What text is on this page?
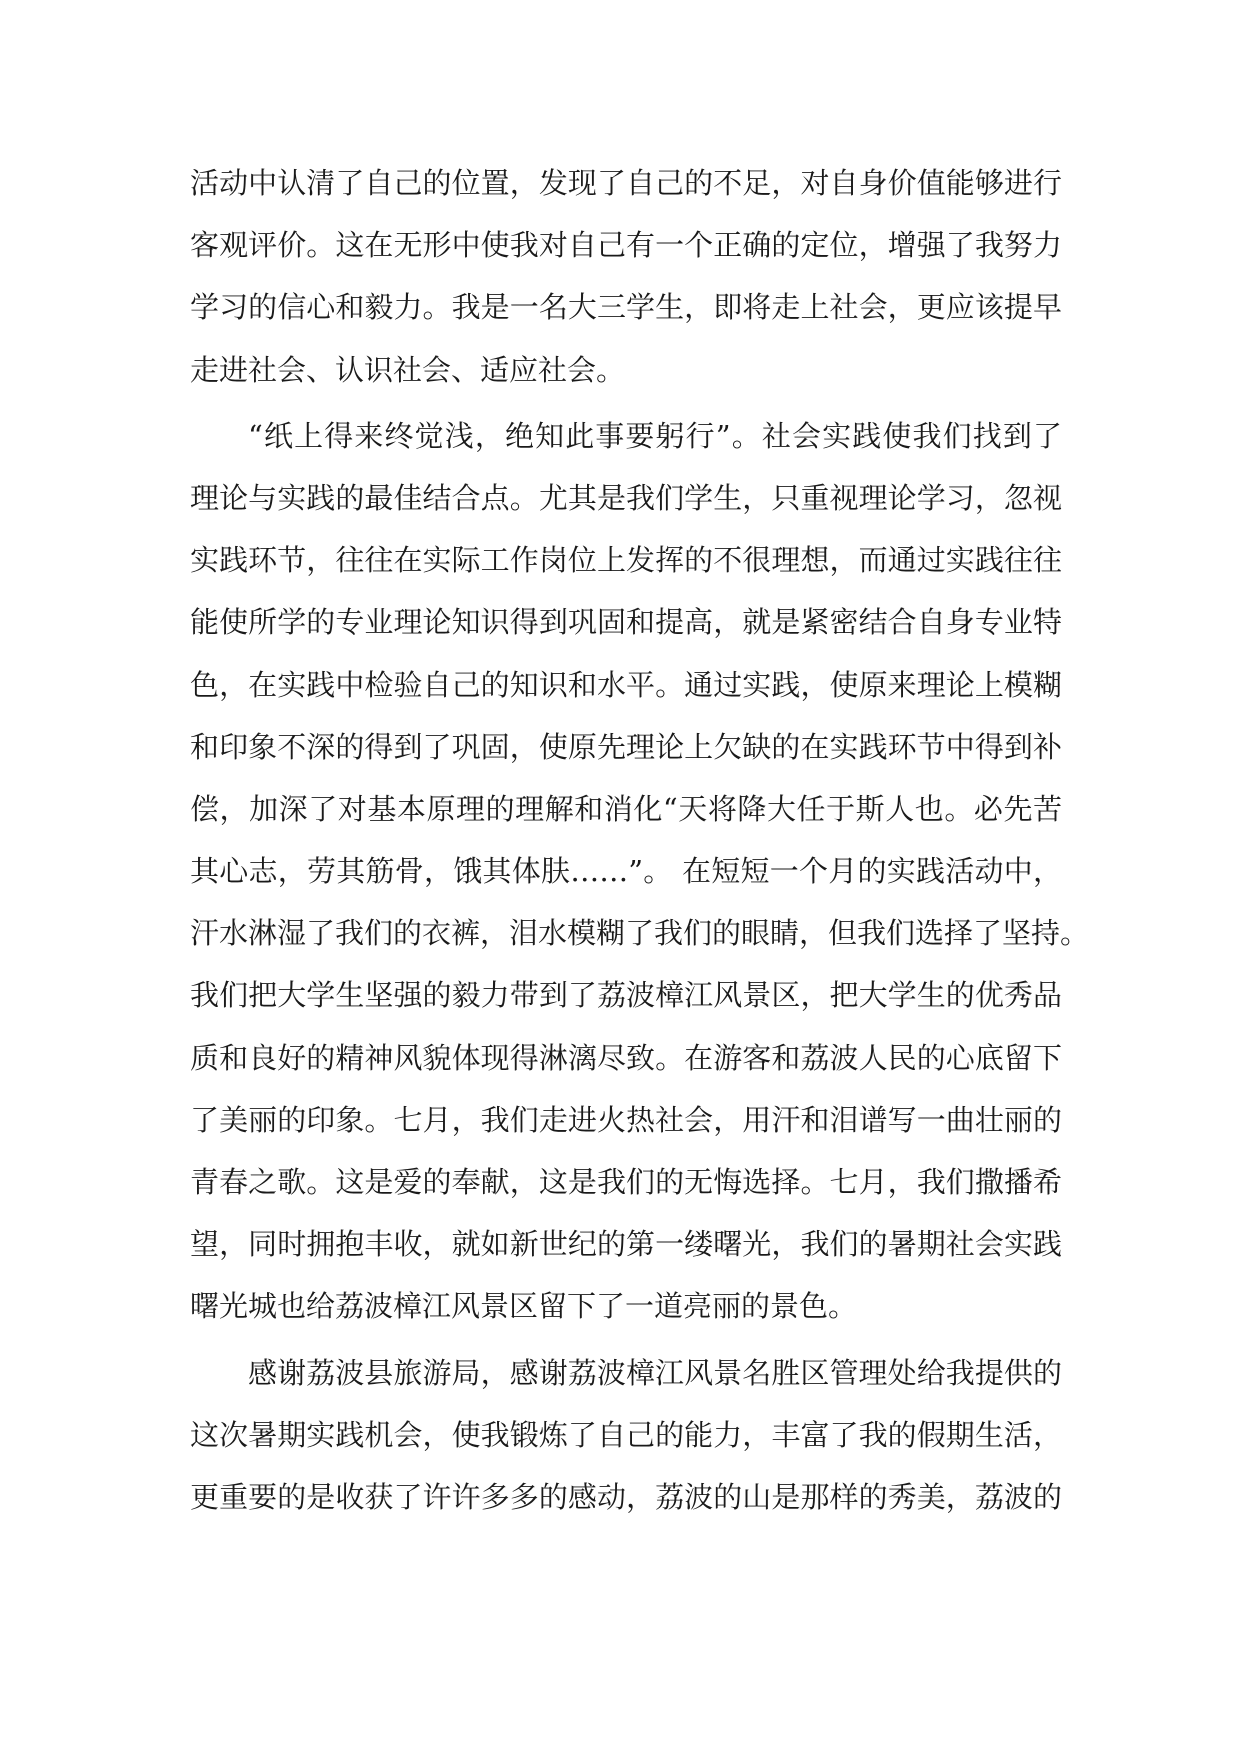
活动中认清了自己的位置，发现了自己的不足，对自身价值能够进行
客观评价。这在无形中使我对自己有一个正确的定位，增强了我努力
学习的信心和毅力。我是一名大三学生，即将走上社会，更应该提早
走进社会、认识社会、适应社会。
“纸上得来终觉浅，绝知此事要躬行”。社会实践使我们找到了
理论与实践的最佳结合点。尤其是我们学生，只重视理论学习，忽视
实践环节，往往在实际工作岗位上发挥的不很理想，而通过实践往往
能使所学的专业理论知识得到巩固和提高，就是紧密结合自身专业特
色，在实践中检验自己的知识和水平。通过实践，使原来理论上模糊
和印象不深的得到了巩固，使原先理论上欠缺的在实践环节中得到补
偿，加深了对基本原理的理解和消化“天将降大任于斯人也。必先苦
其心志，劳其筋骨，饿其体肤……”。 在短短一个月的实践活动中，
汗水淋湿了我们的衣裤，泪水模糊了我们的眼睛，但我们选择了坚持。
我们把大学生坚强的毅力带到了荔波樟江风景区，把大学生的优秀品
质和良好的精神风貌体现得淋漓尽致。在游客和荔波人民的心底留下
了美丽的印象。七月，我们走进火热社会，用汗和泪谱写一曲壮丽的
青春之歌。这是爱的奉献，这是我们的无悔选择。七月，我们撒播希
望，同时拥抱丰收，就如新世纪的第一缕曙光，我们的暑期社会实践
曙光城也给荔波樟江风景区留下了一道亮丽的景色。
感谢荔波县旅游局，感谢荔波樟江风景名胜区管理处给我提供的
这次暑期实践机会，使我锻炼了自己的能力，丰富了我的假期生活，
更重要的是收获了许许多多的感动，荔波的山是那样的秀美，荔波的
